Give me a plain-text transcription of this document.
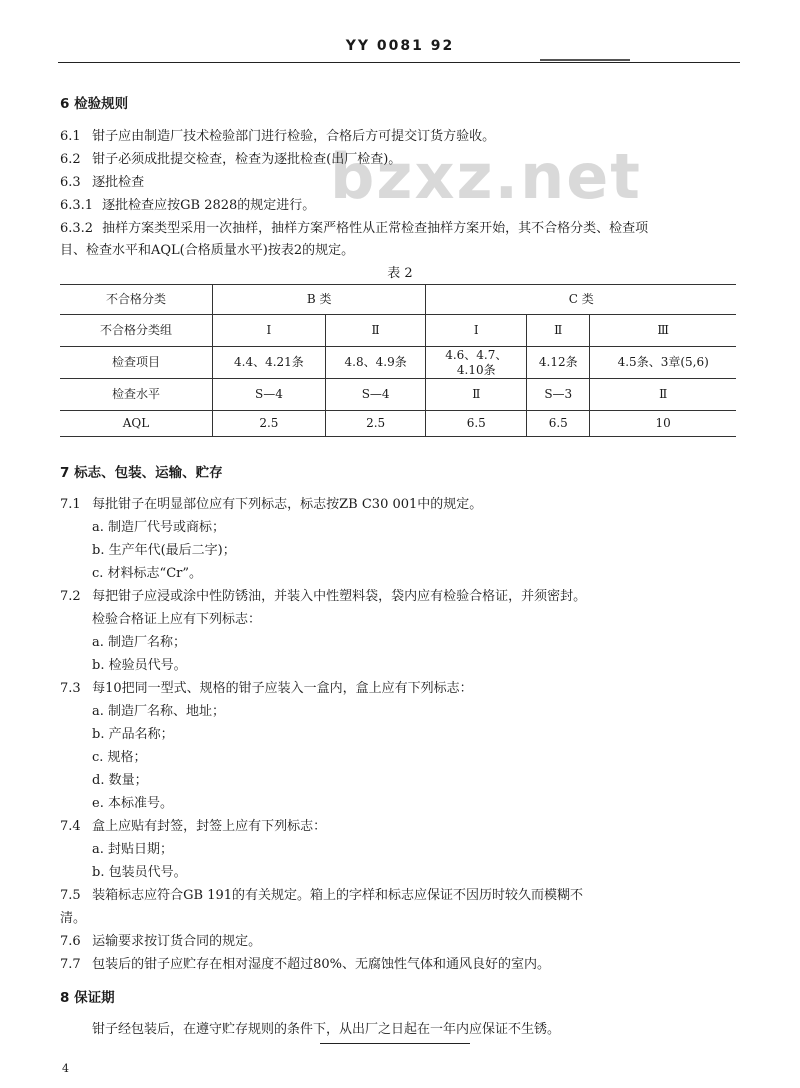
YY 0081 92
bzxz.net
6 检验规则
6.1 钳子应由制造厂技术检验部门进行检验，合格后方可提交订货方验收。
6.2 钳子必须成批提交检查，检查为逐批检查(出厂检查)。
6.3 逐批检查
6.3.1 逐批检查应按GB 2828的规定进行。
6.3.2 抽样方案类型采用一次抽样，抽样方案严格性从正常检查抽样方案开始，其不合格分类、检查项
目、检查水平和AQL(合格质量水平)按表2的规定。
表 2
不合格分类	B 类		C 类		
不合格分类组	Ⅰ	Ⅱ	Ⅰ	Ⅱ	Ⅲ
检查项目	4.4、4.21条	4.8、4.9条	4.6、4.7、
4.10条	4.12条	4.5条、3章(5,6)
检查水平	S—4	S—4	Ⅱ	S—3	Ⅱ
AQL	2.5	2.5	6.5	6.5	10
7 标志、包装、运输、贮存
7.1 每批钳子在明显部位应有下列标志，标志按ZB C30 001中的规定。
a. 制造厂代号或商标；
b. 生产年代(最后二字)；
c. 材料标志“Cr”。
7.2 每把钳子应浸或涂中性防锈油，并装入中性塑料袋，袋内应有检验合格证，并须密封。
检验合格证上应有下列标志：
a. 制造厂名称；
b. 检验员代号。
7.3 每10把同一型式、规格的钳子应装入一盒内，盒上应有下列标志：
a. 制造厂名称、地址；
b. 产品名称；
c. 规格；
d. 数量；
e. 本标准号。
7.4 盒上应贴有封签，封签上应有下列标志：
a. 封贴日期；
b. 包装员代号。
7.5 装箱标志应符合GB 191的有关规定。箱上的字样和标志应保证不因历时较久而模糊不
清。
7.6 运输要求按订货合同的规定。
7.7 包装后的钳子应贮存在相对湿度不超过80%、无腐蚀性气体和通风良好的室内。
8 保证期
钳子经包装后，在遵守贮存规则的条件下，从出厂之日起在一年内应保证不生锈。
4
